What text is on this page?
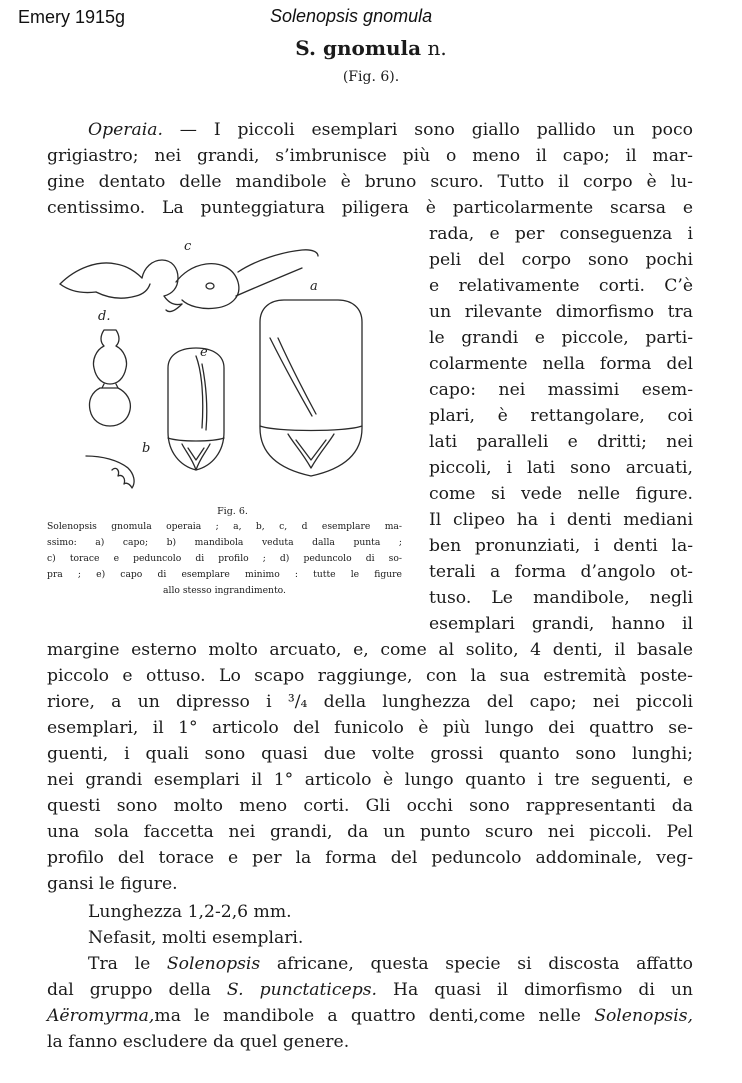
Emery 1915g	Solenopsis gnomula
S. gnomula n.
(Fig. 6).
Operaia. — I piccoli esemplari sono giallo pallido un poco
grigiastro; nei grandi, s’imbrunisce più o meno il capo; il mar-
gine dentato delle mandibole è bruno scuro. Tutto il corpo è lu-
centissimo. La punteggiatura piligera è particolarmente scarsa e
rada, e per conseguenza i
peli del corpo sono pochi
e relativamente corti. C’è
un rilevante dimorfismo tra
le grandi e piccole, parti-
colarmente nella forma del
capo: nei massimi esem-
plari, è rettangolare, coi
lati paralleli e dritti; nei
piccoli, i lati sono arcuati,
come si vede nelle figure.
Il clipeo ha i denti mediani
ben pronunziati, i denti la-
terali a forma d’angolo ot-
tuso. Le mandibole, negli
esemplari grandi, hanno il
c
d.
b
e
a
Fig. 6.
Solenopsis gnomula operaia ; a, b, c, d esemplare ma-
ssimo: a) capo; b) mandibola veduta dalla punta ;
c) torace e peduncolo di profilo ; d) peduncolo di so-
pra ; e) capo di esemplare minimo : tutte le figure
allo stesso ingrandimento.
margine esterno molto arcuato, e, come al solito, 4 denti, il basale
piccolo e ottuso. Lo scapo raggiunge, con la sua estremità poste-
riore, a un dipresso i ³/₄ della lunghezza del capo; nei piccoli
esemplari, il 1° articolo del funicolo è più lungo dei quattro se-
guenti, i quali sono quasi due volte grossi quanto sono lunghi;
nei grandi esemplari il 1° articolo è lungo quanto i tre seguenti, e
questi sono molto meno corti. Gli occhi sono rappresentanti da
una sola faccetta nei grandi, da un punto scuro nei piccoli. Pel
profilo del torace e per la forma del peduncolo addominale, veg-
gansi le figure.
Lunghezza 1,2-2,6 mm.
Nefasit, molti esemplari.
Tra le Solenopsis africane, questa specie si discosta affatto
dal gruppo della S. punctaticeps. Ha quasi il dimorfismo di un
Aëromyrma,ma le mandibole a quattro denti,come nelle Solenopsis,
la fanno escludere da quel genere.
